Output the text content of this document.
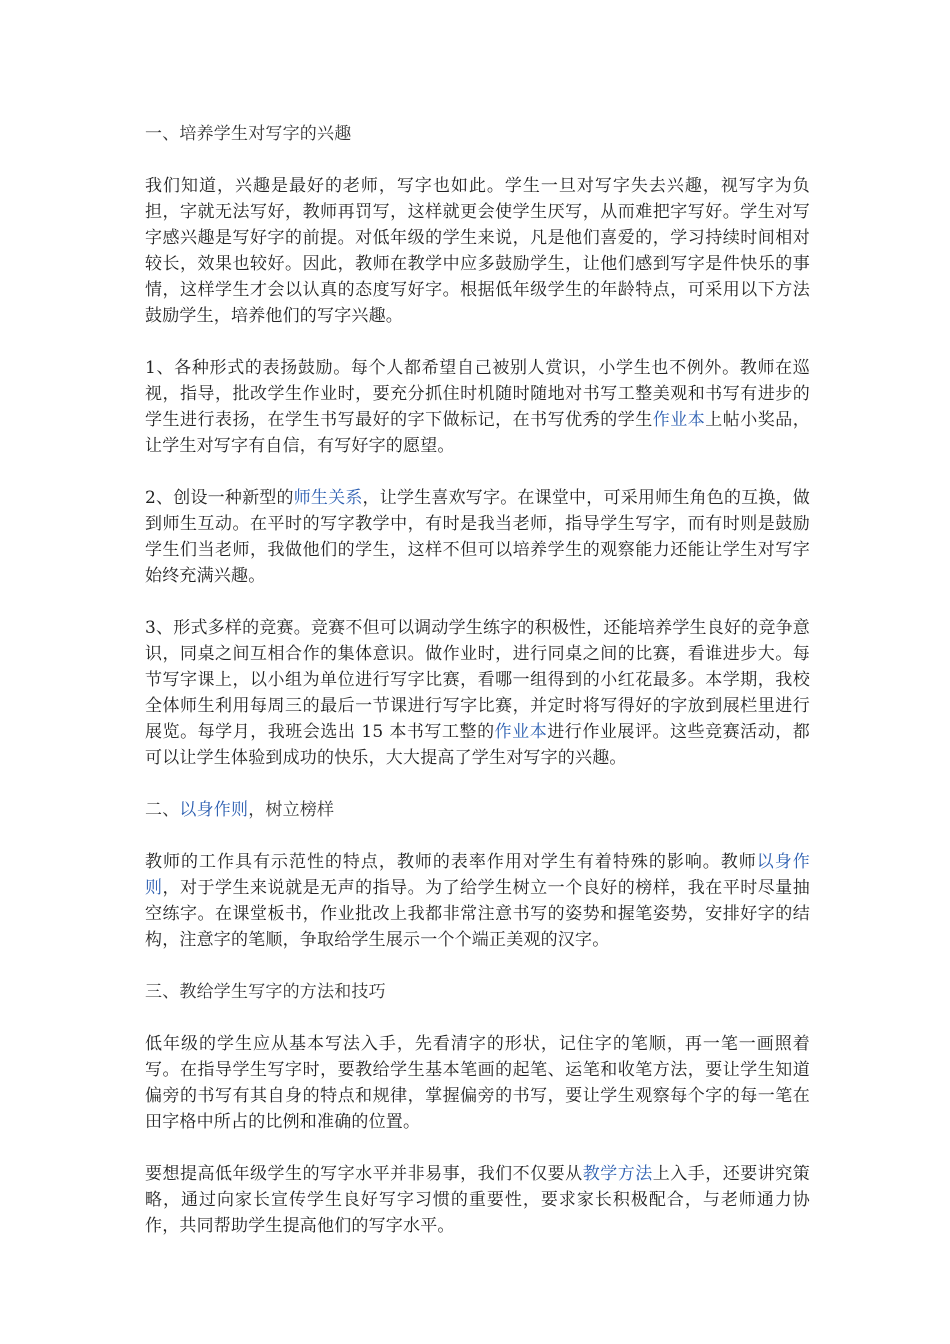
一、培养学生对写字的兴趣

我们知道，兴趣是最好的老师，写字也如此。学生一旦对写字失去兴趣，视写字为负担，字就无法写好，教师再罚写，这样就更会使学生厌写，从而难把字写好。学生对写字感兴趣是写好字的前提。对低年级的学生来说，凡是他们喜爱的，学习持续时间相对较长，效果也较好。因此，教师在教学中应多鼓励学生，让他们感到写字是件快乐的事情，这样学生才会以认真的态度写好字。根据低年级学生的年龄特点，可采用以下方法鼓励学生，培养他们的写字兴趣。

1、各种形式的表扬鼓励。每个人都希望自己被别人赏识，小学生也不例外。教师在巡视，指导，批改学生作业时，要充分抓住时机随时随地对书写工整美观和书写有进步的学生进行表扬，在学生书写最好的字下做标记，在书写优秀的学生作业本上帖小奖品，让学生对写字有自信，有写好字的愿望。

2、创设一种新型的师生关系，让学生喜欢写字。在课堂中，可采用师生角色的互换，做到师生互动。在平时的写字教学中，有时是我当老师，指导学生写字，而有时则是鼓励学生们当老师，我做他们的学生，这样不但可以培养学生的观察能力还能让学生对写字始终充满兴趣。

3、形式多样的竞赛。竞赛不但可以调动学生练字的积极性，还能培养学生良好的竞争意识，同桌之间互相合作的集体意识。做作业时，进行同桌之间的比赛，看谁进步大。每节写字课上，以小组为单位进行写字比赛，看哪一组得到的小红花最多。本学期，我校全体师生利用每周三的最后一节课进行写字比赛，并定时将写得好的字放到展栏里进行展览。每学月，我班会选出 15 本书写工整的作业本进行作业展评。这些竞赛活动，都可以让学生体验到成功的快乐，大大提高了学生对写字的兴趣。

二、以身作则，树立榜样

教师的工作具有示范性的特点，教师的表率作用对学生有着特殊的影响。教师以身作则，对于学生来说就是无声的指导。为了给学生树立一个良好的榜样，我在平时尽量抽空练字。在课堂板书，作业批改上我都非常注意书写的姿势和握笔姿势，安排好字的结构，注意字的笔顺，争取给学生展示一个个端正美观的汉字。

三、教给学生写字的方法和技巧

低年级的学生应从基本写法入手，先看清字的形状，记住字的笔顺，再一笔一画照着写。在指导学生写字时，要教给学生基本笔画的起笔、运笔和收笔方法，要让学生知道偏旁的书写有其自身的特点和规律，掌握偏旁的书写，要让学生观察每个字的每一笔在田字格中所占的比例和准确的位置。

要想提高低年级学生的写字水平并非易事，我们不仅要从教学方法上入手，还要讲究策略，通过向家长宣传学生良好写字习惯的重要性，要求家长积极配合，与老师通力协作，共同帮助学生提高他们的写字水平。
